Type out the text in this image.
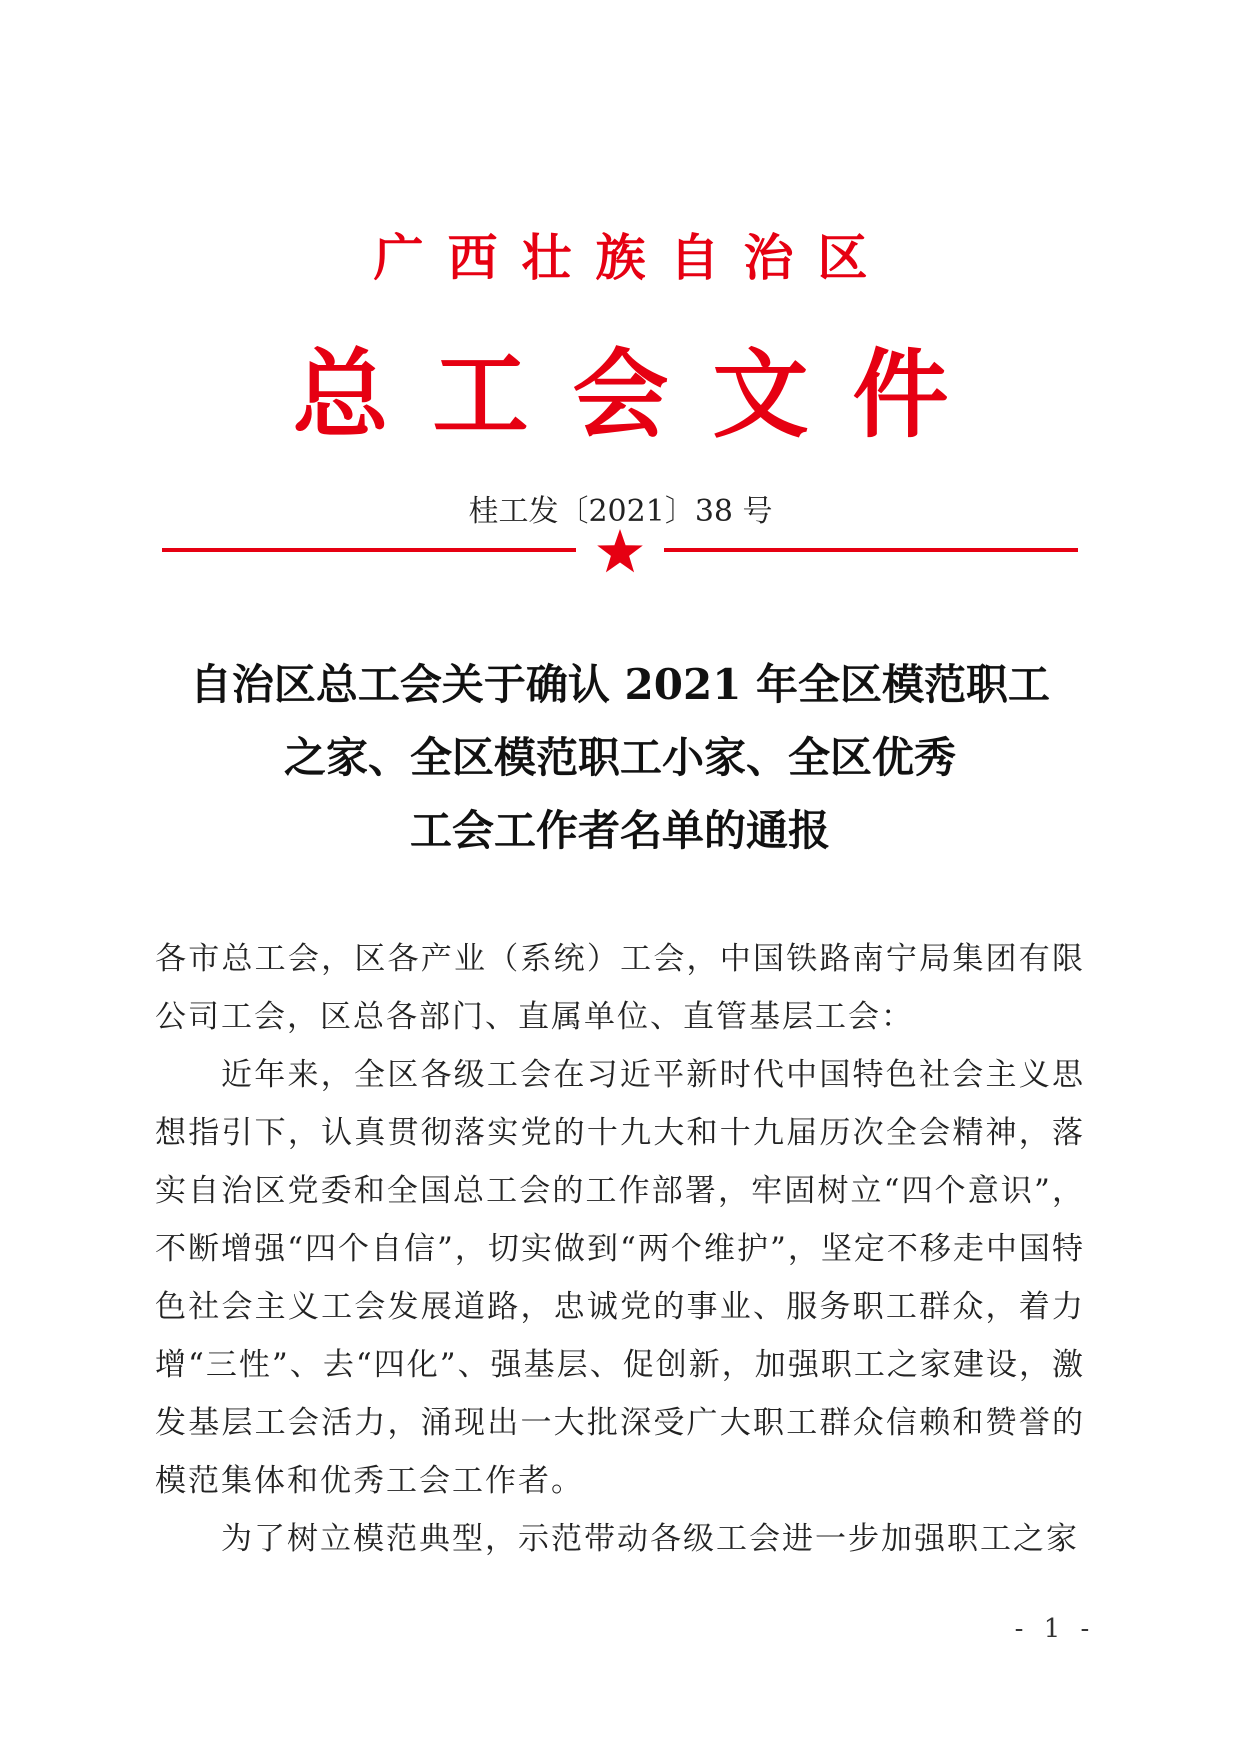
广西壮族自治区
总工会文件
桂工发〔2021〕38 号
自治区总工会关于确认 2021 年全区模范职工
之家、全区模范职工小家、全区优秀
工会工作者名单的通报

各市总工会，区各产业（系统）工会，中国铁路南宁局集团有限公司工会，区总各部门、直属单位、直管基层工会：

近年来，全区各级工会在习近平新时代中国特色社会主义思想指引下，认真贯彻落实党的十九大和十九届历次全会精神，落实自治区党委和全国总工会的工作部署，牢固树立“四个意识”，不断增强“四个自信”，切实做到“两个维护”，坚定不移走中国特色社会主义工会发展道路，忠诚党的事业、服务职工群众，着力增“三性”、去“四化”、强基层、促创新，加强职工之家建设，激发基层工会活力，涌现出一大批深受广大职工群众信赖和赞誉的模范集体和优秀工会工作者。

为了树立模范典型，示范带动各级工会进一步加强职工之家

- 1 -
